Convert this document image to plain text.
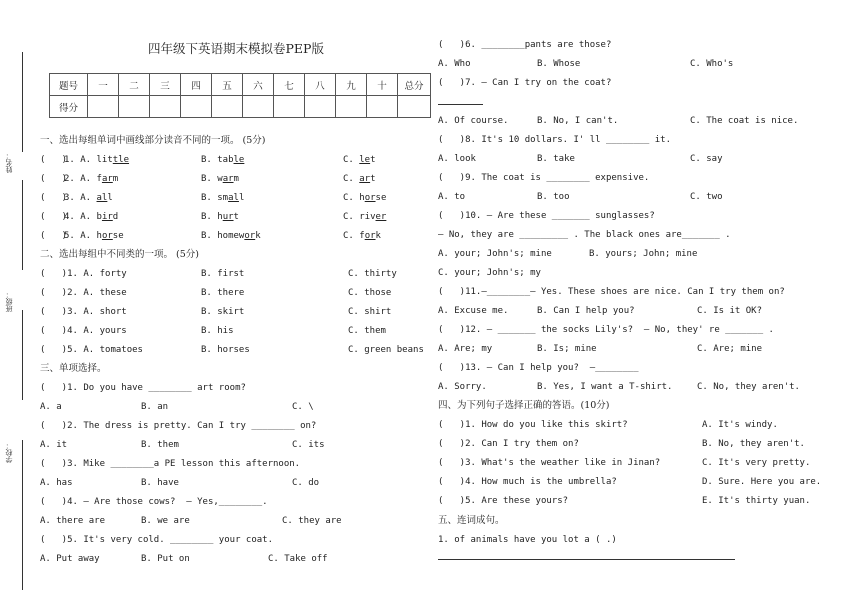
姓名：
班级：
学校：
四年级下英语期末模拟卷PEP版
题号	一	二	三	四	五	六	七	八	九	十	总分
得分											
一、选出每组单词中画线部分读音不同的一项。 (5分)
(   )
1. A. little	B. table	C. let
(   )
2. A. farm	B. warm	C. art
(   )
3. A. all	B. small	C. horse
(   )
4. A. bird	B. hurt	C. river
(   )
5. A. horse	B. homework	C. fork
二、选出每组中不同类的一项。 (5分)
(   )1. A. forty	B. first	C. thirty
(   )2. A. these	B. there	C. those
(   )3. A. short	B. skirt	C. shirt
(   )4. A. yours	B. his	C. them
(   )5. A. tomatoes	B. horses	C. green beans
三、单项选择。
(   )1. Do you have ________ art room?
A. a	B. an	C. \
(   )2. The dress is pretty. Can I try ________ on?
A. it	B. them	C. its
(   )3. Mike ________a PE lesson this afternoon.
A. has	B. have	C. do
(   )4. — Are those cows?  — Yes,________.
A. there are	B. we are	C. they are
(   )5. It's very cold. ________ your coat.
A. Put away	B. Put on	C. Take off
(   )6. ________pants are those?
A. Who	B. Whose	C. Who's
(   )7. — Can I try on the coat?
A. Of course.	B. No, I can't.	C. The coat is nice.
(   )8. It's 10 dollars. I' ll ________ it.
A. look	B. take	C. say
(   )9. The coat is ________ expensive.
A. to	B. too	C. two
(   )10. — Are these _______ sunglasses?
— No, they are _________ . The black ones are_______ .
A. your; John's; mine	B. yours; John; mine
C. your; John's; my
(   )11.—________— Yes. These shoes are nice. Can I try them on?
A. Excuse me.	B. Can I help you?	C. Is it OK?
(   )12. — _______ the socks Lily's?  — No, they' re _______ .
A. Are; my	B. Is; mine	C. Are; mine
(   )13. — Can I help you?  —________
A. Sorry.	B. Yes, I want a T-shirt.	C. No, they aren't.
四、为下列句子选择正确的答语。(10分)
(   )1. How do you like this skirt?	A. It's windy.
(   )2. Can I try them on?	B. No, they aren't.
(   )3. What's the weather like in Jinan?	C. It's very pretty.
(   )4. How much is the umbrella?	D. Sure. Here you are.
(   )5. Are these yours?	E. It's thirty yuan.
五、连词成句。
1. of animals have you lot a ( .)
